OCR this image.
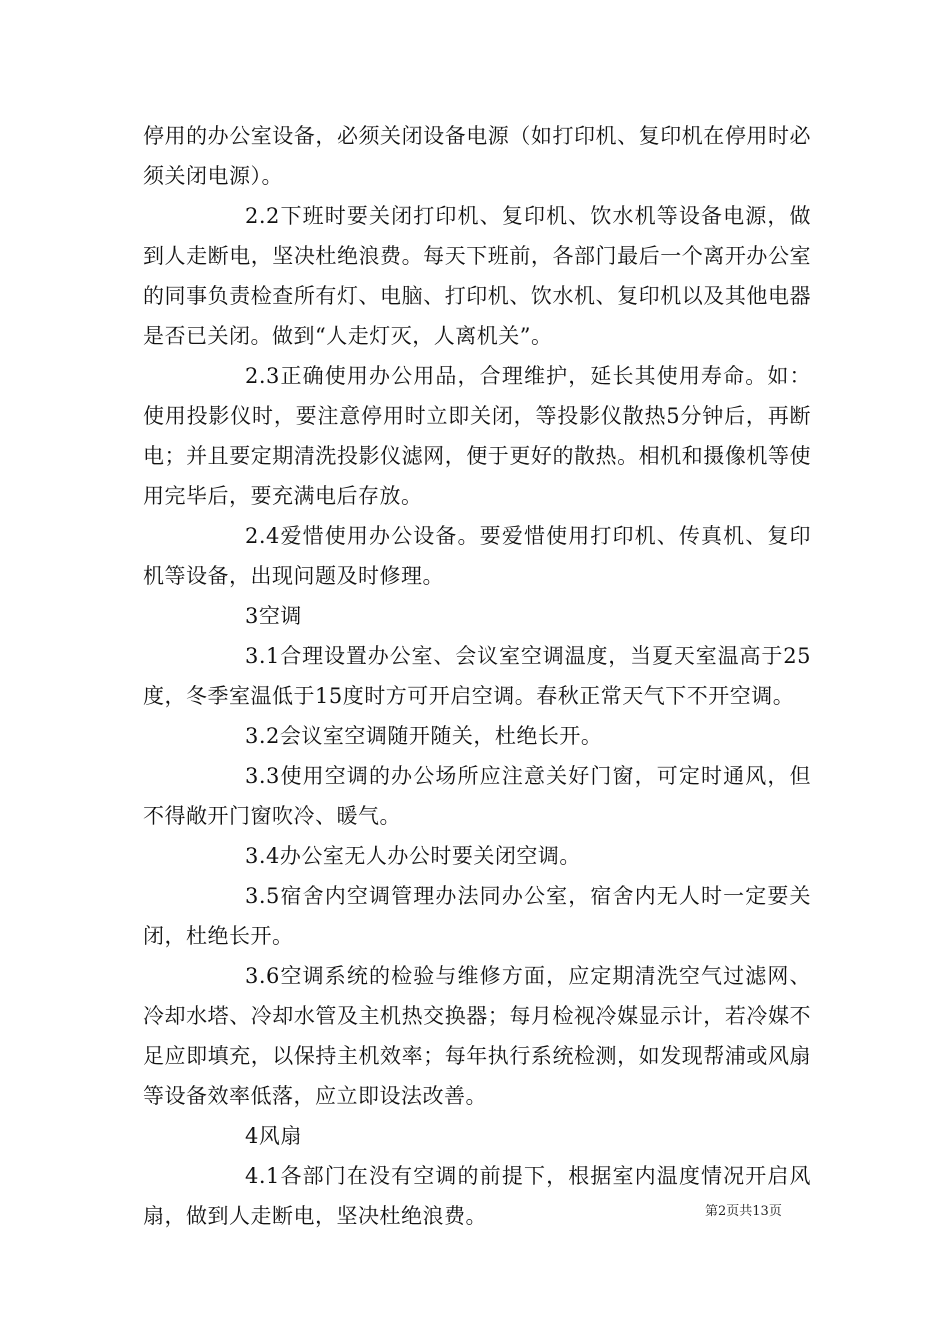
停用的办公室设备，必须关闭设备电源（如打印机、复印机在停用时必须关闭电源）。

2.2下班时要关闭打印机、复印机、饮水机等设备电源，做到人走断电，坚决杜绝浪费。每天下班前，各部门最后一个离开办公室的同事负责检查所有灯、电脑、打印机、饮水机、复印机以及其他电器是否已关闭。做到“人走灯灭，人离机关”。

2.3正确使用办公用品，合理维护，延长其使用寿命。如：使用投影仪时，要注意停用时立即关闭，等投影仪散热5分钟后，再断电；并且要定期清洗投影仪滤网，便于更好的散热。相机和摄像机等使用完毕后，要充满电后存放。

2.4爱惜使用办公设备。要爱惜使用打印机、传真机、复印机等设备，出现问题及时修理。

3空调

3.1合理设置办公室、会议室空调温度，当夏天室温高于25度，冬季室温低于15度时方可开启空调。春秋正常天气下不开空调。

3.2会议室空调随开随关，杜绝长开。

3.3使用空调的办公场所应注意关好门窗，可定时通风，但不得敞开门窗吹冷、暖气。

3.4办公室无人办公时要关闭空调。

3.5宿舍内空调管理办法同办公室，宿舍内无人时一定要关闭，杜绝长开。

3.6空调系统的检验与维修方面，应定期清洗空气过滤网、冷却水塔、冷却水管及主机热交换器；每月检视冷媒显示计，若冷媒不足应即填充，以保持主机效率；每年执行系统检测，如发现帮浦或风扇等设备效率低落，应立即设法改善。

4风扇

4.1各部门在没有空调的前提下，根据室内温度情况开启风扇，做到人走断电，坚决杜绝浪费。	第2页共13页
